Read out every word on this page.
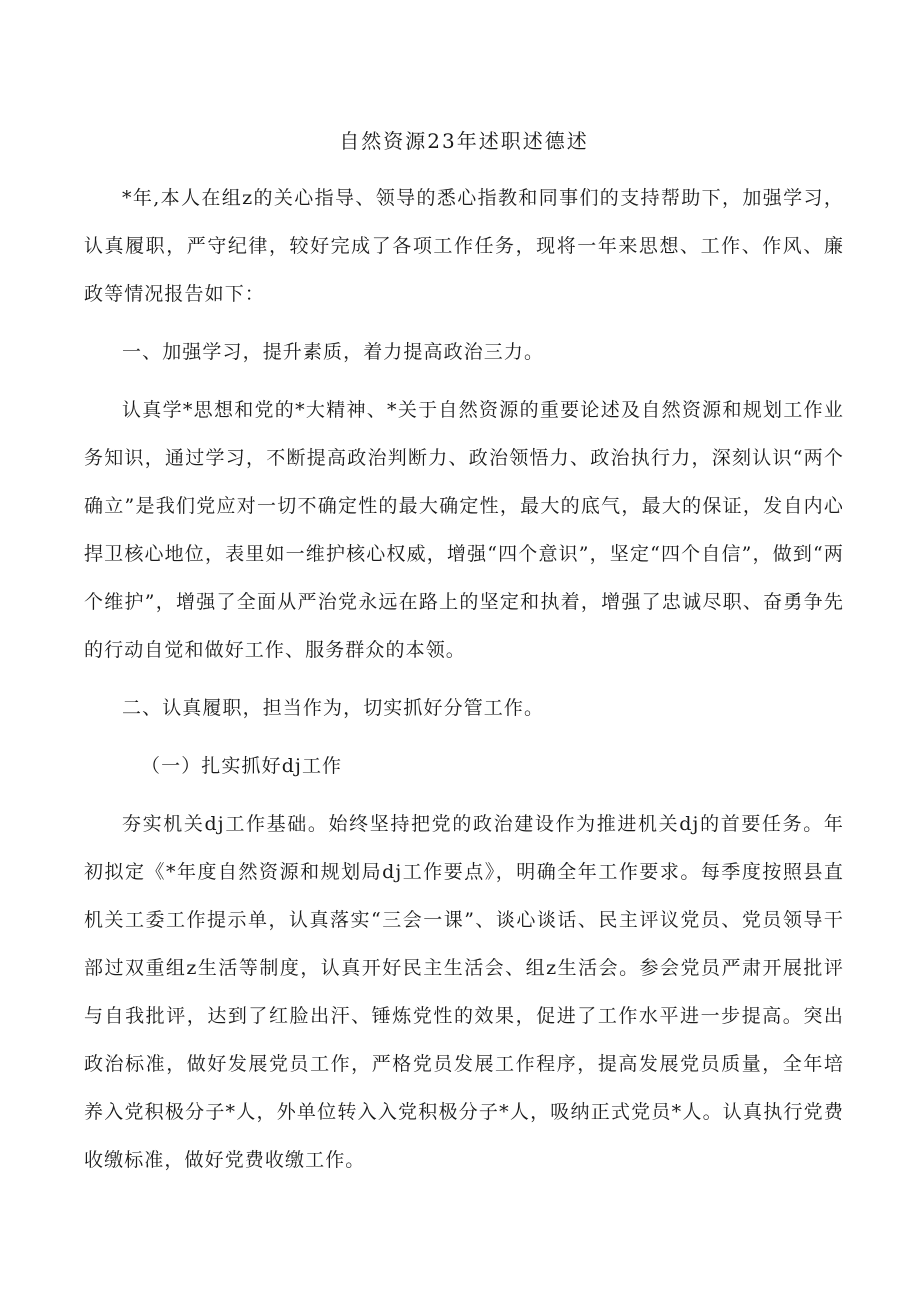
自然资源23年述职述德述

*年,本人在组z的关心指导、领导的悉心指教和同事们的支持帮助下，加强学习，认真履职，严守纪律，较好完成了各项工作任务，现将一年来思想、工作、作风、廉政等情况报告如下：

一、加强学习，提升素质，着力提高政治三力。

认真学*思想和党的*大精神、*关于自然资源的重要论述及自然资源和规划工作业务知识，通过学习，不断提高政治判断力、政治领悟力、政治执行力，深刻认识“两个确立”是我们党应对一切不确定性的最大确定性，最大的底气，最大的保证，发自内心捍卫核心地位，表里如一维护核心权威，增强“四个意识”，坚定“四个自信”，做到“两个维护”，增强了全面从严治党永远在路上的坚定和执着，增强了忠诚尽职、奋勇争先的行动自觉和做好工作、服务群众的本领。

二、认真履职，担当作为，切实抓好分管工作。

（一）扎实抓好dj工作

夯实机关dj工作基础。始终坚持把党的政治建设作为推进机关dj的首要任务。年初拟定《*年度自然资源和规划局dj工作要点》，明确全年工作要求。每季度按照县直机关工委工作提示单，认真落实“三会一课”、谈心谈话、民主评议党员、党员领导干部过双重组z生活等制度，认真开好民主生活会、组z生活会。参会党员严肃开展批评与自我批评，达到了红脸出汗、锤炼党性的效果，促进了工作水平进一步提高。突出政治标准，做好发展党员工作，严格党员发展工作程序，提高发展党员质量，全年培养入党积极分子*人，外单位转入入党积极分子*人，吸纳正式党员*人。认真执行党费收缴标准，做好党费收缴工作。
